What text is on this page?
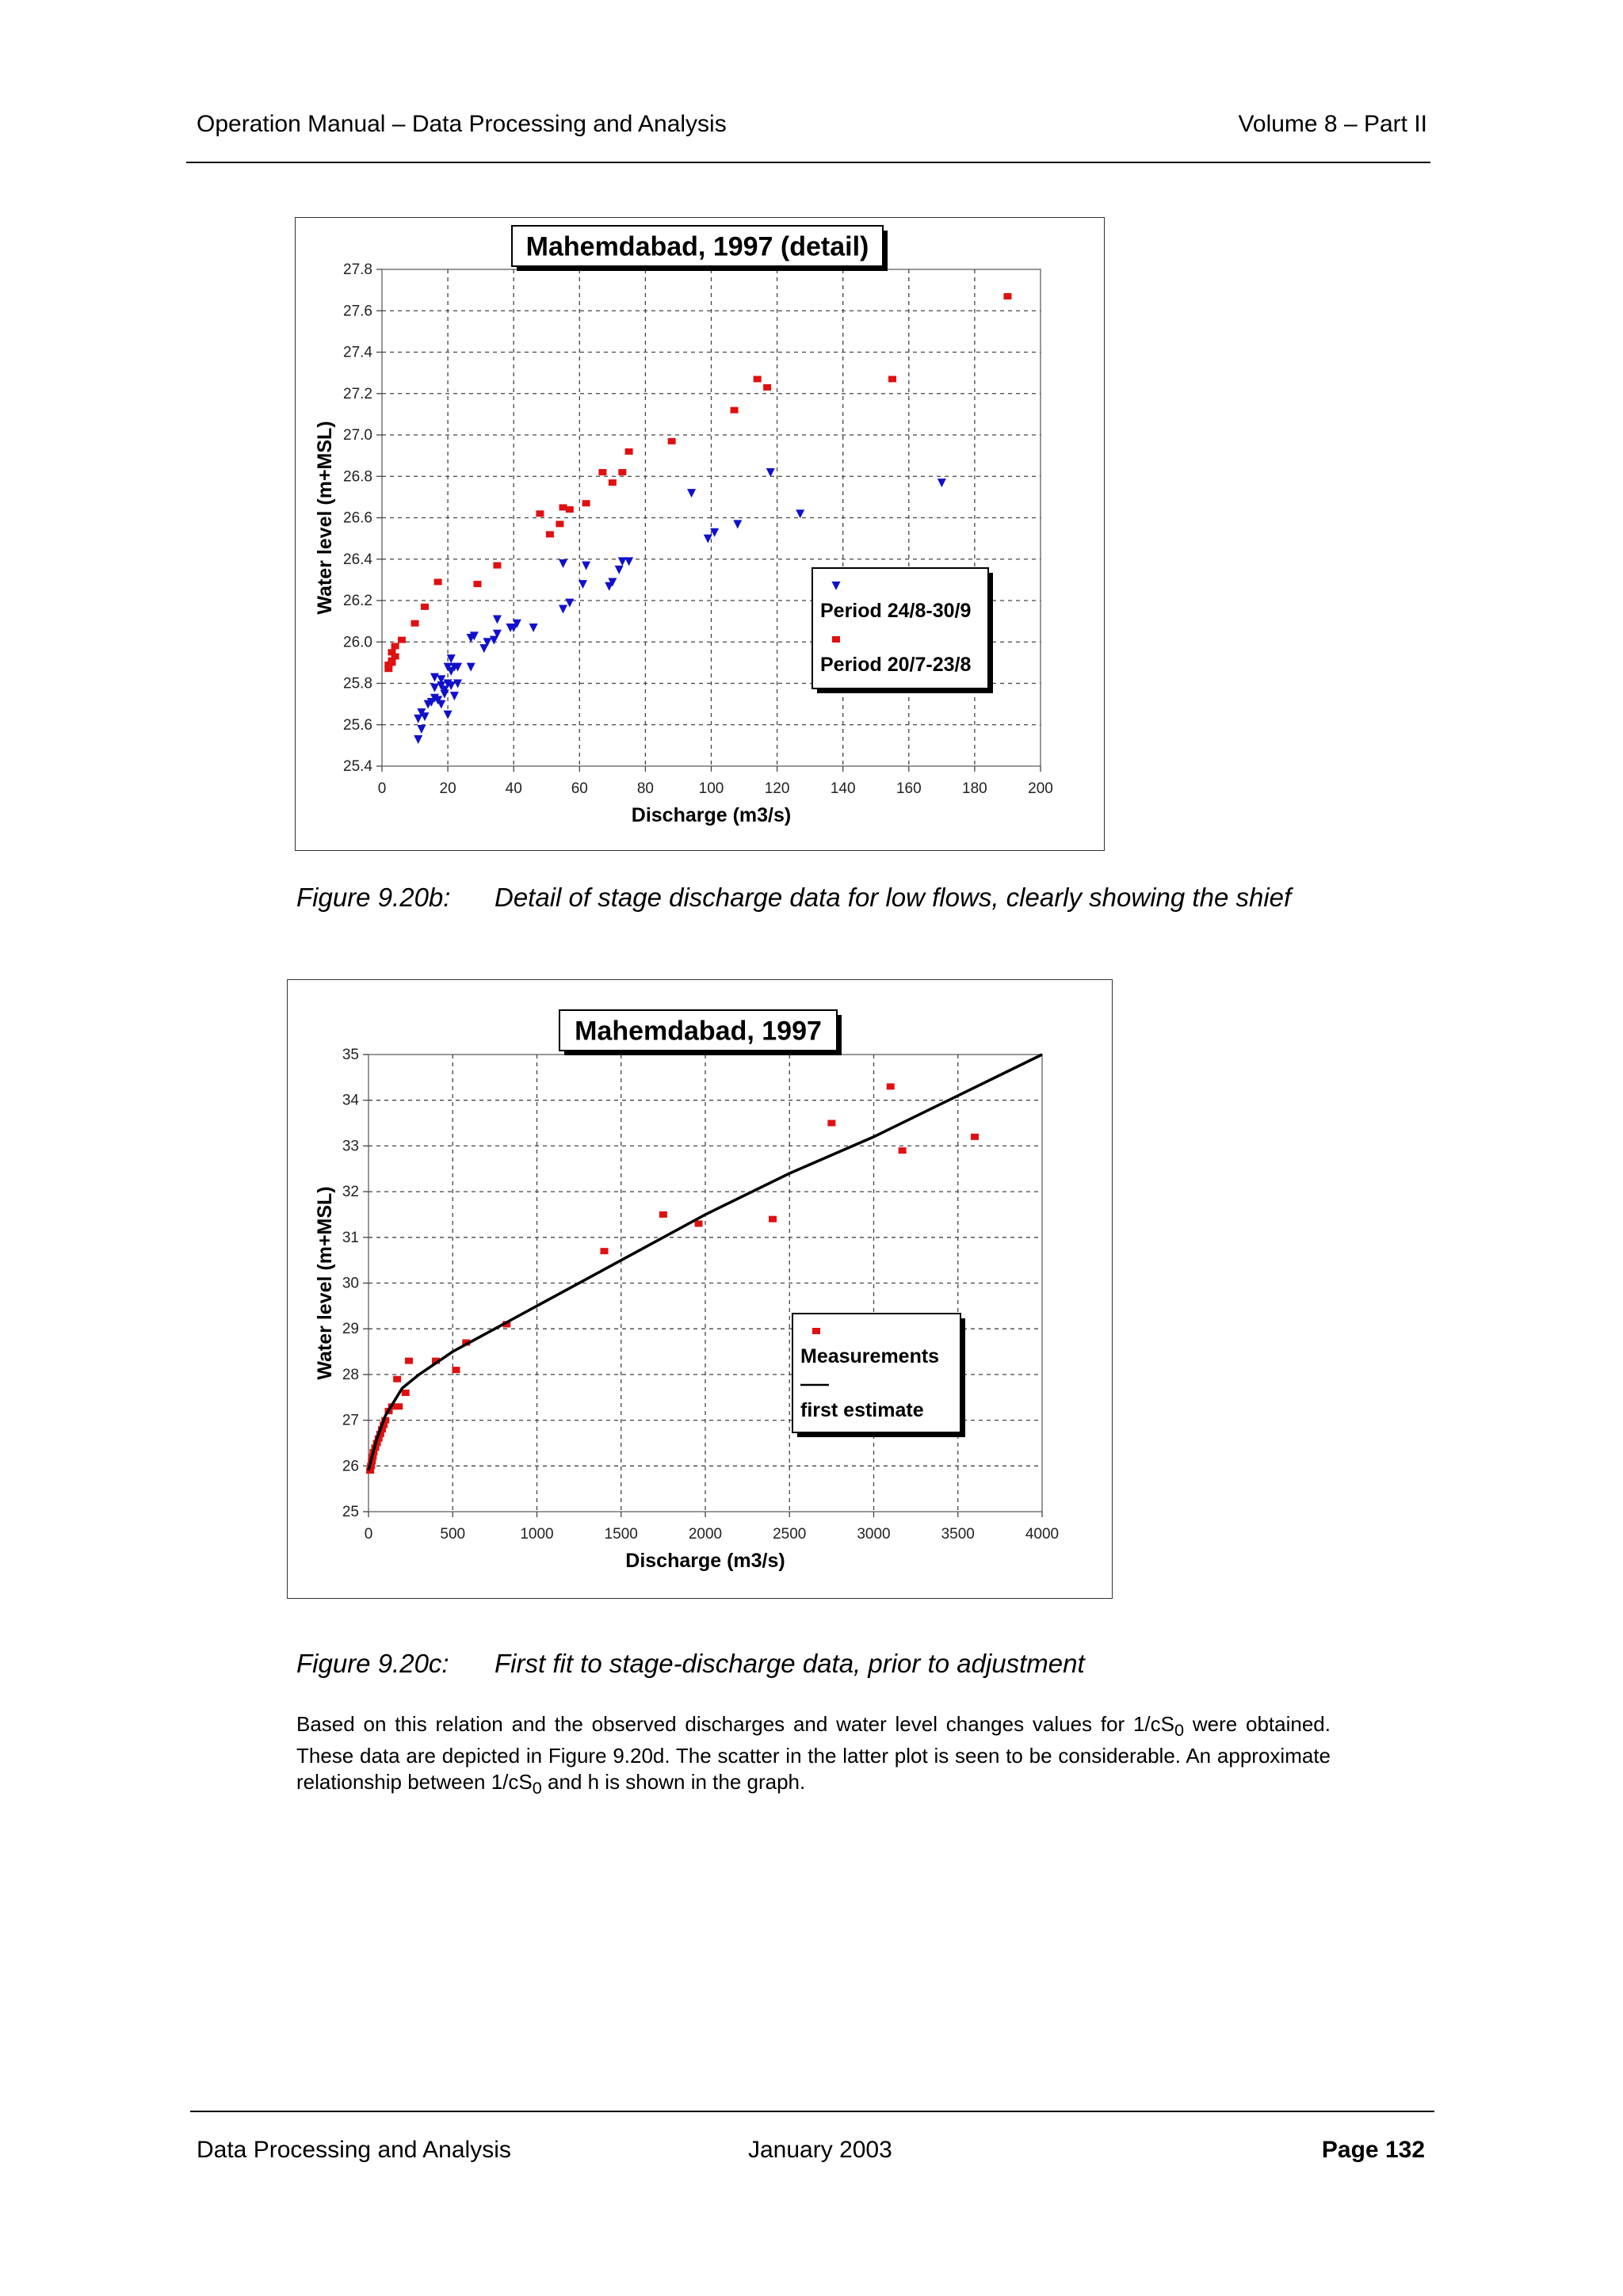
Operation Manual – Data Processing and Analysis	Volume 8 – Part II
0	20	40	60	80	100	120	140	160	180	200
25.4
25.6
25.8
26.0
26.2
26.4
26.6
26.8
27.0
27.2
27.4
27.6
27.8
Mahemdabad, 1997 (detail)
Discharge (m3/s)
Water level (m+MSL)	Period 24/8-30/9
Period 20/7-23/8
Figure 9.20b: Detail of stage discharge data for low flows, clearly showing the shief
0	500	1000	1500	2000	2500	3000	3500	4000
25
26
27
28
29
30
31
32
33
34
35
Mahemdabad, 1997
Discharge (m3/s)
Water level (m+MSL)	Measurements
first estimate
Figure 9.20c: First fit to stage-discharge data, prior to adjustment
Based on this relation and the observed discharges and water level changes values for $1/cS_0$ were obtained. These data are depicted in Figure 9.20d. The scatter in the latter plot is seen to be considerable. An approximate relationship between $1/cS_0$ and h is shown in the graph.
Data Processing and Analysis	January 2003	Page 132
